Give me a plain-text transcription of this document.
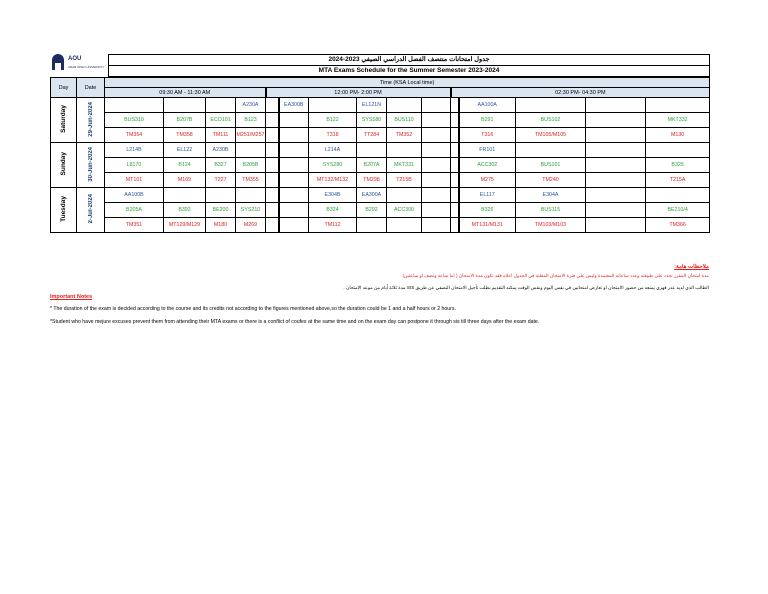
AOU
ARAB OPEN UNIVERSITY
جدول امتحانات منتصف الفصل الدراسي الصيفي 2023-2024
MTA Exams Schedule for the Summer Semester 2023-2024
Day	Date	Time (KSA Local time)														
		09:30 AM - 11:30 AM				12:00 PM- 2:00 PM						02:30 PM- 04:30 PM				
Saturday	29-Jun-2024				A230A		EA300B		EL121N				AA100A			
		BUS310	B207B	ECO101	B123			B122	SYS580	BUS110			B291	BUS102		MKT332
		TM354	TM358	TM111	M251/M257			T318	TT284	TM352			T316	TM105/M105		M130
Sunday	30-Jun-2024	L214B	EL122	A230B				L214A					FR101			
		L8170	B124	B327	B205B			SYS280	B207A	MKT331			ACC302	BUS101		B325
		MT101	M109	T227	TM355			MT132/M132	TM298	T215B			M275	TM240		T215A
Tuesday	2-Jul-2024	AA100B						E304B	EA300A				EL117	E304A		
		B205A	B392	BE200	SYS210			B324	B292	ACC300			B326	BUS115		BE210/4
		TM351	MT129/M129	M180	M269			TM112					MT131/M131	TM103/M103		TM366
ملاحظات هامة:
مدة امتحان المقرر تحدد على طبيعته وعدد ساعاته المعتمدة وليس على فترة الامتحان المعلنة في الجدول اعلاه فقد تكون مدة الامتحان ( اما ساعة ونصف او ساعتين)
الطالب الذي لديه عذر قهري يمنعه من حضور الامتحان او تعارض امتحانين في نفس اليوم ونفس الوقت يمكنه التقديم بطلب تأجيل الامتحان النصفي عن طريق SIS مدة ثلاثة أيام من موعد الامتحان .
Important Notes
* The duration of the exam is decided according to the course and its credits not according to the figures mentioned above,so the duration could be 1 and a half hours or 2 hours.
*Student who have mejure excuses prevent them from attending their MTA exams or there is a conflict of coufes at the same time and on the exam day can postpone it through sis till three days after the exam date.
